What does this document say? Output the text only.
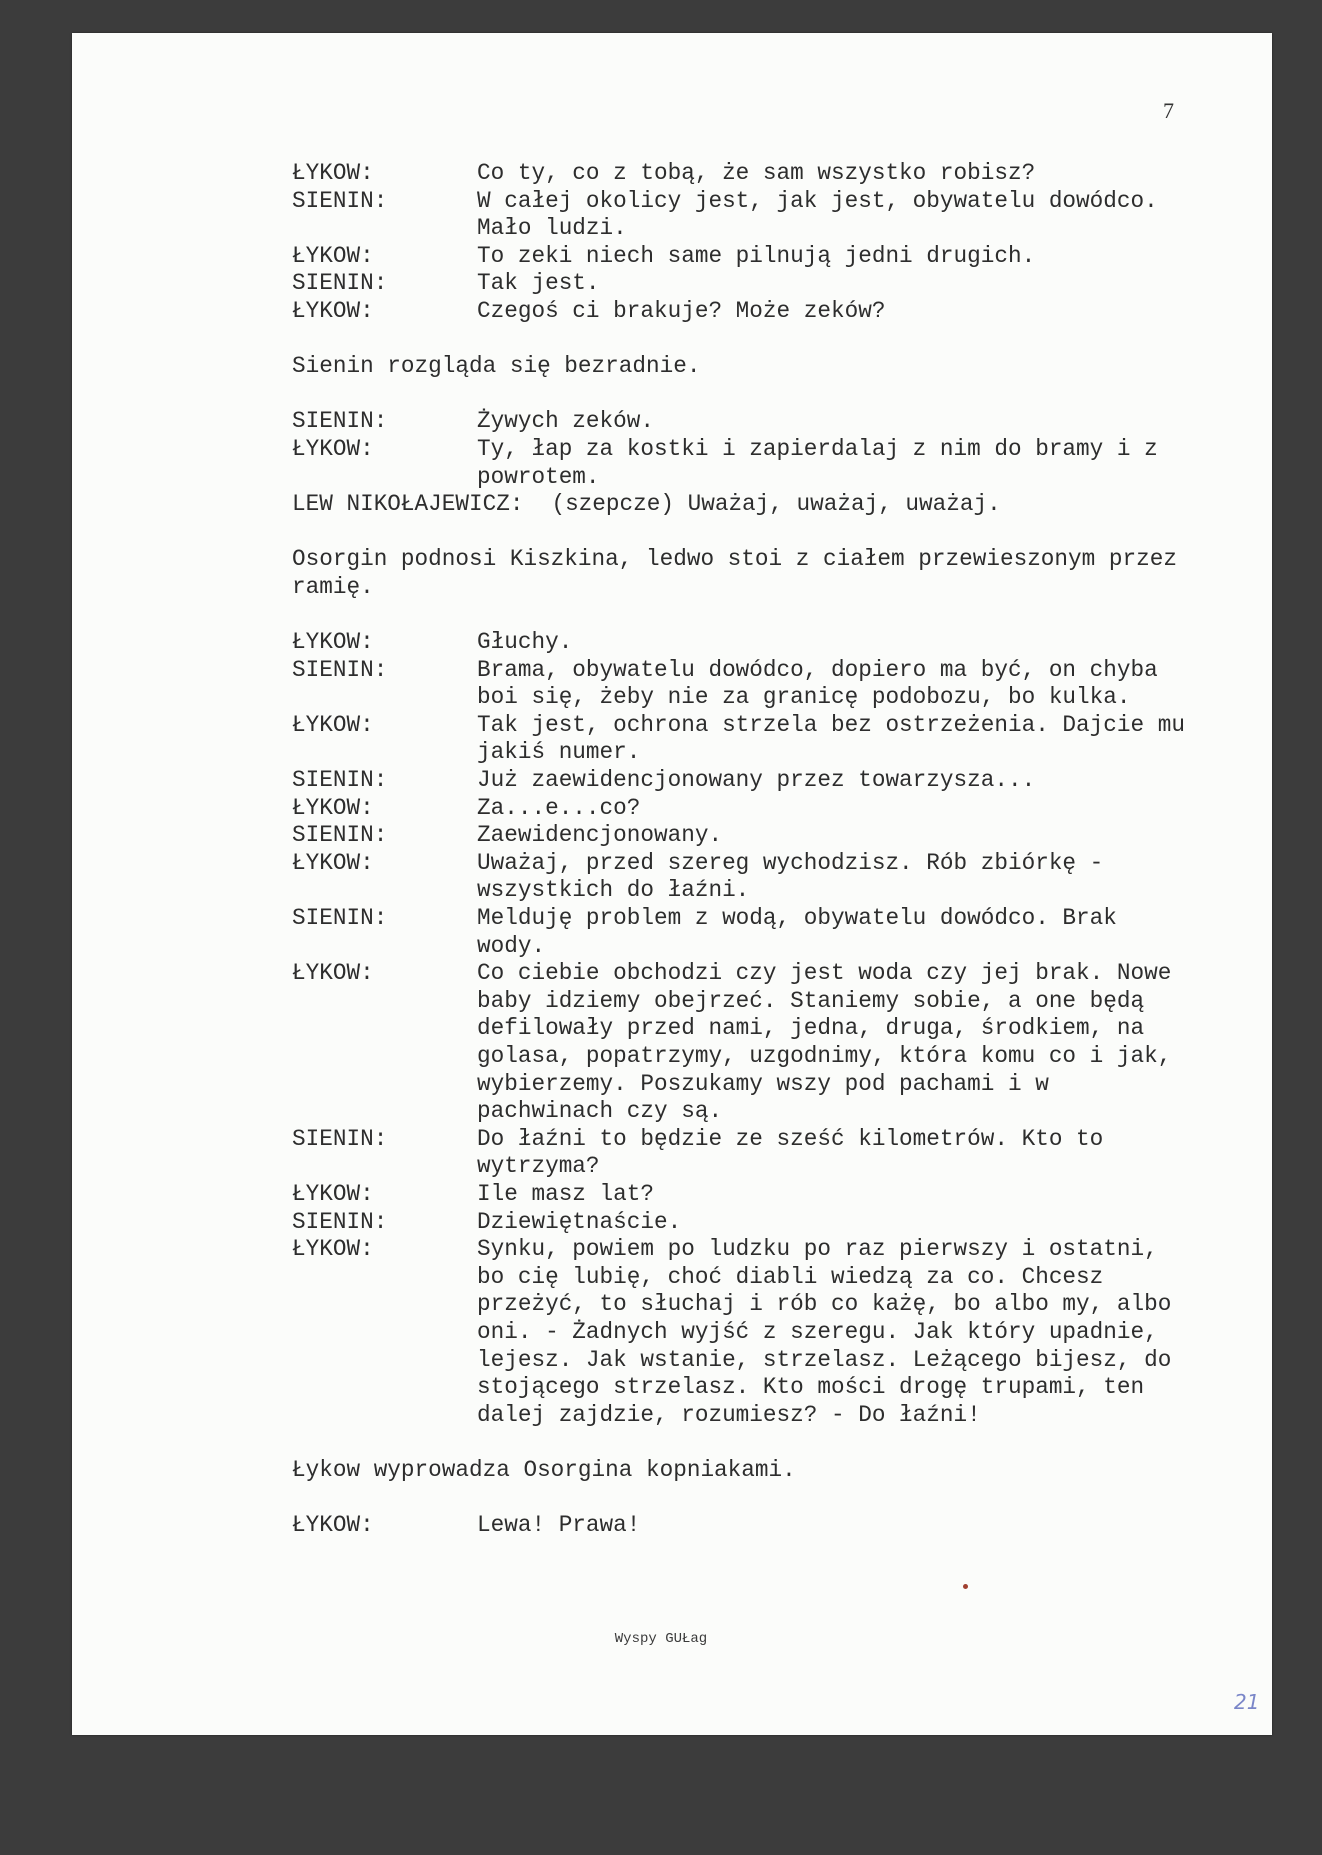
7
ŁYKOW:	Co ty, co z tobą, że sam wszystko robisz?
SIENIN:	W całej okolicy jest, jak jest, obywatelu dowódco. Mało ludzi.
ŁYKOW:	To zeki niech same pilnują jedni drugich.
SIENIN:	Tak jest.
ŁYKOW:	Czegoś ci brakuje? Może zeków?
Sienin rozgląda się bezradnie.
SIENIN:	Żywych zeków.
ŁYKOW:	Ty, łap za kostki i zapierdalaj z nim do bramy i z powrotem.
LEW NIKOŁAJEWICZ:	(szepcze) Uważaj, uważaj, uważaj.
Osorgin podnosi Kiszkina, ledwo stoi z ciałem przewieszonym przez ramię.
ŁYKOW:	Głuchy.
SIENIN:	Brama, obywatelu dowódco, dopiero ma być, on chyba boi się, żeby nie za granicę podobozu, bo kulka.
ŁYKOW:	Tak jest, ochrona strzela bez ostrzeżenia. Dajcie mu jakiś numer.
SIENIN:	Już zaewidencjonowany przez towarzysza...
ŁYKOW:	Za...e...co?
SIENIN:	Zaewidencjonowany.
ŁYKOW:	Uważaj, przed szereg wychodzisz. Rób zbiórkę - wszystkich do łaźni.
SIENIN:	Melduję problem z wodą, obywatelu dowódco. Brak wody.
ŁYKOW:	Co ciebie obchodzi czy jest woda czy jej brak. Nowe baby idziemy obejrzeć. Staniemy sobie, a one będą defilowały przed nami, jedna, druga, środkiem, na golasa, popatrzymy, uzgodnimy, która komu co i jak, wybierzemy. Poszukamy wszy pod pachami i w pachwinach czy są.
SIENIN:	Do łaźni to będzie ze sześć kilometrów. Kto to wytrzyma?
ŁYKOW:	Ile masz lat?
SIENIN:	Dziewiętnaście.
ŁYKOW:	Synku, powiem po ludzku po raz pierwszy i ostatni, bo cię lubię, choć diabli wiedzą za co. Chcesz przeżyć, to słuchaj i rób co każę, bo albo my, albo oni. - Żadnych wyjść z szeregu. Jak który upadnie, lejesz. Jak wstanie, strzelasz. Leżącego bijesz, do stojącego strzelasz. Kto mości drogę trupami, ten dalej zajdzie, rozumiesz? - Do łaźni!
Łykow wyprowadza Osorgina kopniakami.
ŁYKOW:	Lewa! Prawa!
Wyspy GUŁag
21
